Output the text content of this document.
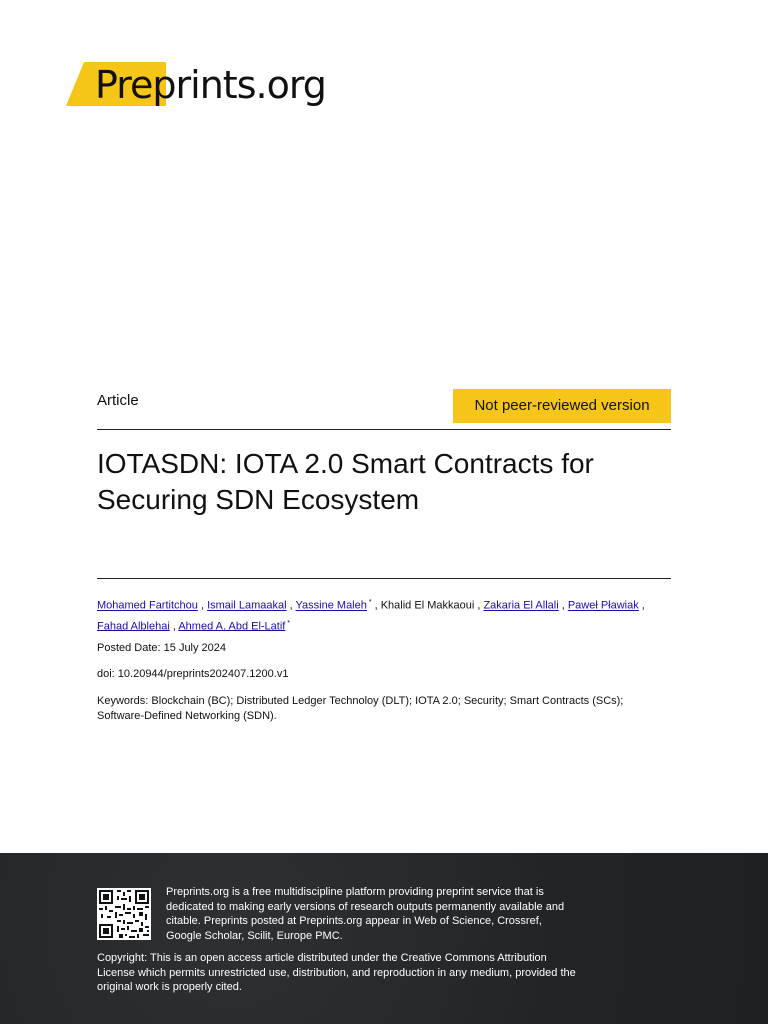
Preprints.org
Article	Not peer-reviewed version
IOTASDN: IOTA 2.0 Smart Contracts for Securing SDN Ecosystem
Mohamed Fartitchou , Ismail Lamaakal , Yassine Maleh * , Khalid El Makkaoui , Zakaria El Allali , Paweł Pławiak , Fahad Alblehai , Ahmed A. Abd El-Latif *
Posted Date: 15 July 2024
doi: 10.20944/preprints202407.1200.v1
Keywords: Blockchain (BC); Distributed Ledger Technoloy (DLT); IOTA 2.0; Security; Smart Contracts (SCs);
Software-Defined Networking (SDN).
Preprints.org is a free multidiscipline platform providing preprint service that is dedicated to making early versions of research outputs permanently available and citable. Preprints posted at Preprints.org appear in Web of Science, Crossref, Google Scholar, Scilit, Europe PMC.
Copyright: This is an open access article distributed under the Creative Commons Attribution License which permits unrestricted use, distribution, and reproduction in any medium, provided the original work is properly cited.
